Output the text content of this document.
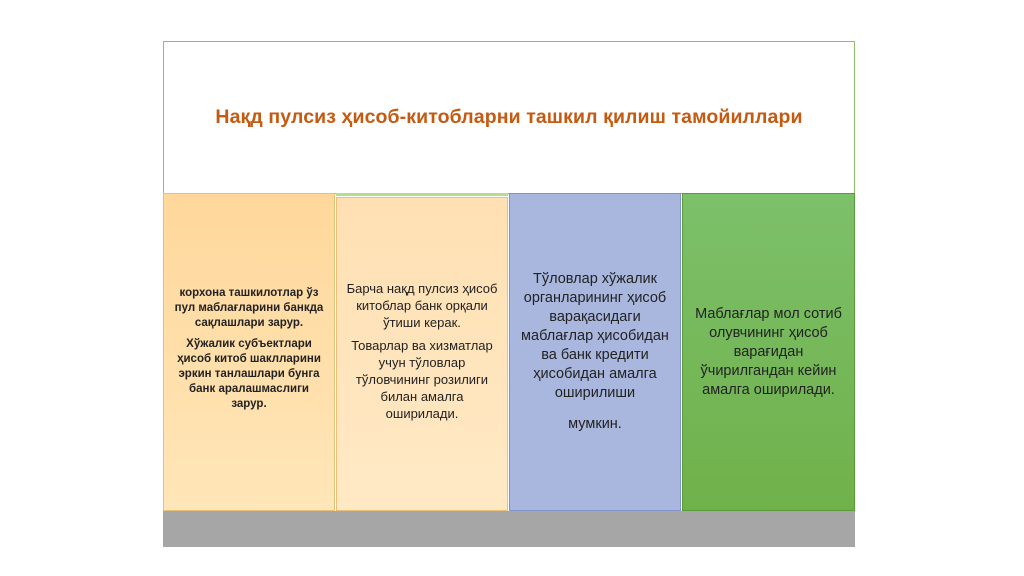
Нақд пулсиз ҳисоб-китобларни ташкил қилиш тамойиллари

корхона ташкилотлар ўз пул маблағларини банкда сақлашлари зарур.

Хўжалик субъектлари ҳисоб китоб шаклларини эркин танлашлари бунга банк аралашмаслиги зарур.

Барча нақд пулсиз ҳисоб китоблар банк орқали ўтиши керак.

Товарлар ва хизматлар учун тўловлар тўловчининг розилиги билан амалга оширилади.

Тўловлар хўжалик органларининг ҳисоб варақасидаги маблағлар ҳисобидан ва банк кредити ҳисобидан амалга оширилиши

мумкин.

Маблағлар мол сотиб олувчининг ҳисоб варағидан ўчирилгандан кейин амалга оширилади.
